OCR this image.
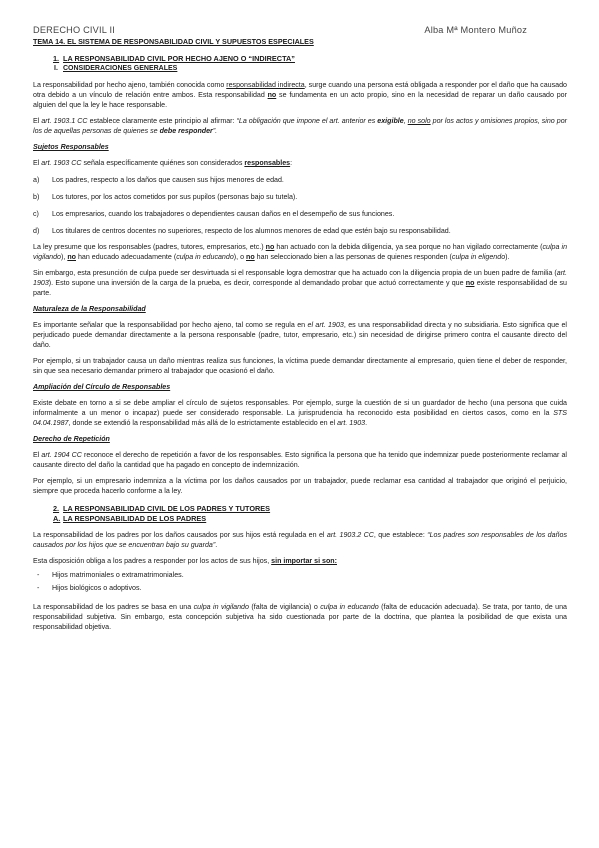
DERECHO CIVIL II	Alba Mª Montero Muñoz

TEMA 14. EL SISTEMA DE RESPONSABILIDAD CIVIL Y SUPUESTOS ESPECIALES

1. LA RESPONSABILIDAD CIVIL POR HECHO AJENO O “INDIRECTA”
I. CONSIDERACIONES GENERALES

La responsabilidad por hecho ajeno, también conocida como responsabilidad indirecta, surge cuando una persona está obligada a responder por el daño que ha causado otra debido a un vínculo de relación entre ambos. Esta responsabilidad no se fundamenta en un acto propio, sino en la necesidad de reparar un daño causado por alguien del que la ley le hace responsable.

El art. 1903.1 CC establece claramente este principio al afirmar: “La obligación que impone el art. anterior es exigible, no solo por los actos y omisiones propios, sino por los de aquellas personas de quienes se debe responder”.

Sujetos Responsables

El art. 1903 CC señala específicamente quiénes son considerados responsables:

a)	Los padres, respecto a los daños que causen sus hijos menores de edad.
b)	Los tutores, por los actos cometidos por sus pupilos (personas bajo su tutela).
c)	Los empresarios, cuando los trabajadores o dependientes causan daños en el desempeño de sus funciones.
d)	Los titulares de centros docentes no superiores, respecto de los alumnos menores de edad que estén bajo su responsabilidad.

La ley presume que los responsables (padres, tutores, empresarios, etc.) no han actuado con la debida diligencia, ya sea porque no han vigilado correctamente (culpa in vigilando), no han educado adecuadamente (culpa in educando), o no han seleccionado bien a las personas de quienes responden (culpa in eligendo).

Sin embargo, esta presunción de culpa puede ser desvirtuada si el responsable logra demostrar que ha actuado con la diligencia propia de un buen padre de familia (art. 1903). Esto supone una inversión de la carga de la prueba, es decir, corresponde al demandado probar que actuó correctamente y que no existe responsabilidad de su parte.

Naturaleza de la Responsabilidad

Es importante señalar que la responsabilidad por hecho ajeno, tal como se regula en el art. 1903, es una responsabilidad directa y no subsidiaria. Esto significa que el perjudicado puede demandar directamente a la persona responsable (padre, tutor, empresario, etc.) sin necesidad de dirigirse primero contra el causante directo del daño.

Por ejemplo, si un trabajador causa un daño mientras realiza sus funciones, la víctima puede demandar directamente al empresario, quien tiene el deber de responder, sin que sea necesario demandar primero al trabajador que ocasionó el daño.

Ampliación del Círculo de Responsables

Existe debate en torno a si se debe ampliar el círculo de sujetos responsables. Por ejemplo, surge la cuestión de si un guardador de hecho (una persona que cuida informalmente a un menor o incapaz) puede ser considerado responsable. La jurisprudencia ha reconocido esta posibilidad en ciertos casos, como en la STS 04.04.1987, donde se extendió la responsabilidad más allá de lo estrictamente establecido en el art. 1903.

Derecho de Repetición

El art. 1904 CC reconoce el derecho de repetición a favor de los responsables. Esto significa la persona que ha tenido que indemnizar puede posteriormente reclamar al causante directo del daño la cantidad que ha pagado en concepto de indemnización.

Por ejemplo, si un empresario indemniza a la víctima por los daños causados por un trabajador, puede reclamar esa cantidad al trabajador que originó el perjuicio, siempre que proceda hacerlo conforme a la ley.

2. LA RESPONSABILIDAD CIVIL DE LOS PADRES Y TUTORES
A. LA RESPONSABILIDAD DE LOS PADRES

La responsabilidad de los padres por los daños causados por sus hijos está regulada en el art. 1903.2 CC, que establece: “Los padres son responsables de los daños causados por los hijos que se encuentran bajo su guarda”.

Esta disposición obliga a los padres a responder por los actos de sus hijos, sin importar si son:

-	Hijos matrimoniales o extramatrimoniales.
-	Hijos biológicos o adoptivos.

La responsabilidad de los padres se basa en una culpa in vigilando (falta de vigilancia) o culpa in educando (falta de educación adecuada). Se trata, por tanto, de una responsabilidad subjetiva. Sin embargo, esta concepción subjetiva ha sido cuestionada por parte de la doctrina, que plantea la posibilidad de que exista una responsabilidad objetiva.
